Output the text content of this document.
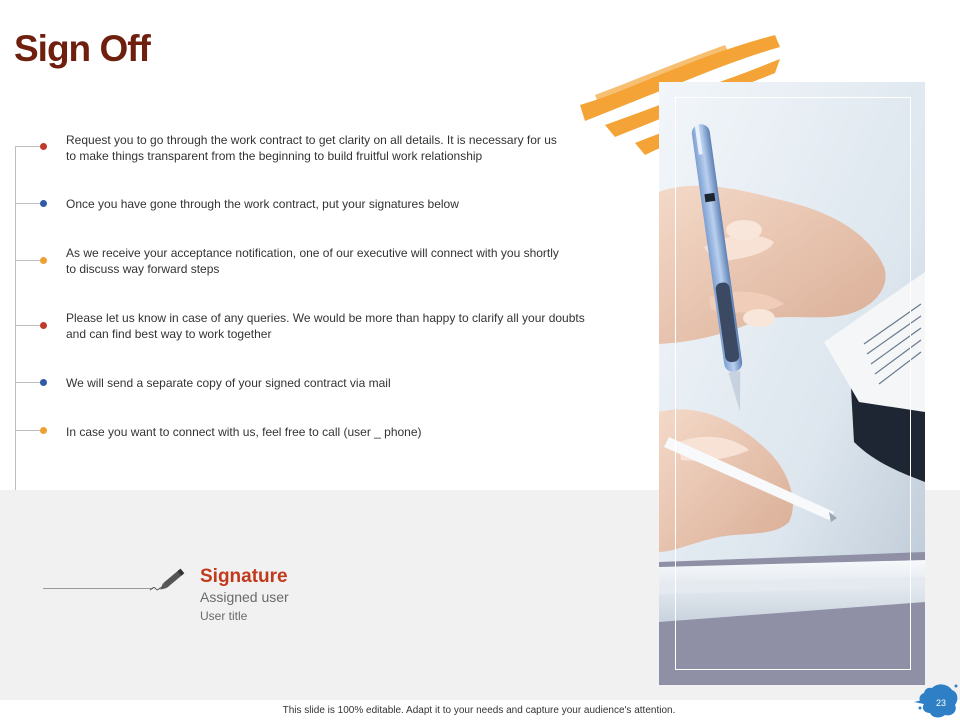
Sign Off
Request you to go through the work contract to get clarity on all details. It is necessary for us
to make things transparent from the beginning to build fruitful work relationship
Once you have gone through the work contract, put your signatures below
As we receive your acceptance notification, one of our executive will connect with you shortly
to discuss way forward steps
Please let us know in case of any queries. We would be more than happy to clarify all your doubts
and can find best way to work together
We will send a separate copy of your signed contract via mail
In case you want to connect with us, feel free to call (user _ phone)
Signature
Assigned user
User title
This slide is 100% editable. Adapt it to your needs and capture your audience's attention.
23
